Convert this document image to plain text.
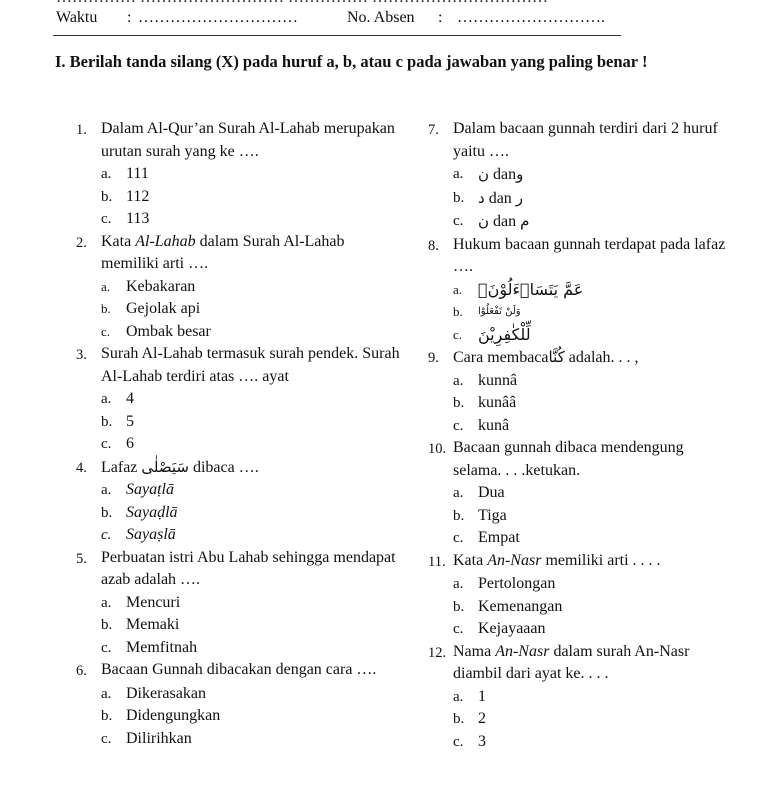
Waktu : …………………………	No. Absen : ……………………….
I. Berilah tanda silang (X) pada huruf a, b, atau c pada jawaban yang paling benar !
1. Dalam Al-Qur’an Surah Al-Lahab merupakan urutan surah yang ke ….
a. 111
b. 112
c. 113
2. Kata Al-Lahab dalam Surah Al-Lahab memiliki arti ….
a. Kebakaran
b. Gejolak api
c. Ombak besar
3. Surah Al-Lahab termasuk surah pendek. Surah Al-Lahab terdiri atas …. ayat
a. 4
b. 5
c. 6
4. Lafaz سَيَصْلٰى dibaca ….
a. Sayaṭlā
b. Sayaḍlā
c. Sayaṣlā
5. Perbuatan istri Abu Lahab sehingga mendapat azab adalah ….
a. Mencuri
b. Memaki
c. Memfitnah
6. Bacaan Gunnah dibacakan dengan cara ….
a. Dikerasakan
b. Didengungkan
c. Dilirihkan
7. Dalam bacaan gunnah terdiri dari 2 huruf yaitu ….
a. ن danو
b. د dan ر
c. ن dan م
8. Hukum bacaan gunnah terdapat pada lafaz ….
a. عَمَّ يَتَسَاۤءَلُوْنَۚ
b.	وَلَنْ تَفْعَلُوْا
c. لِّلْكٰفِرِيْنَ
9. Cara membacaكُنَّا adalah. . . ,
a. kunnâ
b. kunââ
c. kunâ
10. Bacaan gunnah dibaca mendengung selama. . . .ketukan.
a. Dua
b. Tiga
c. Empat
11. Kata An-Nasr memiliki arti . . . .
a. Pertolongan
b. Kemenangan
c. Kejayaaan
12. Nama An-Nasr dalam surah An-Nasr diambil dari ayat ke. . . .
a. 1
b. 2
c. 3
